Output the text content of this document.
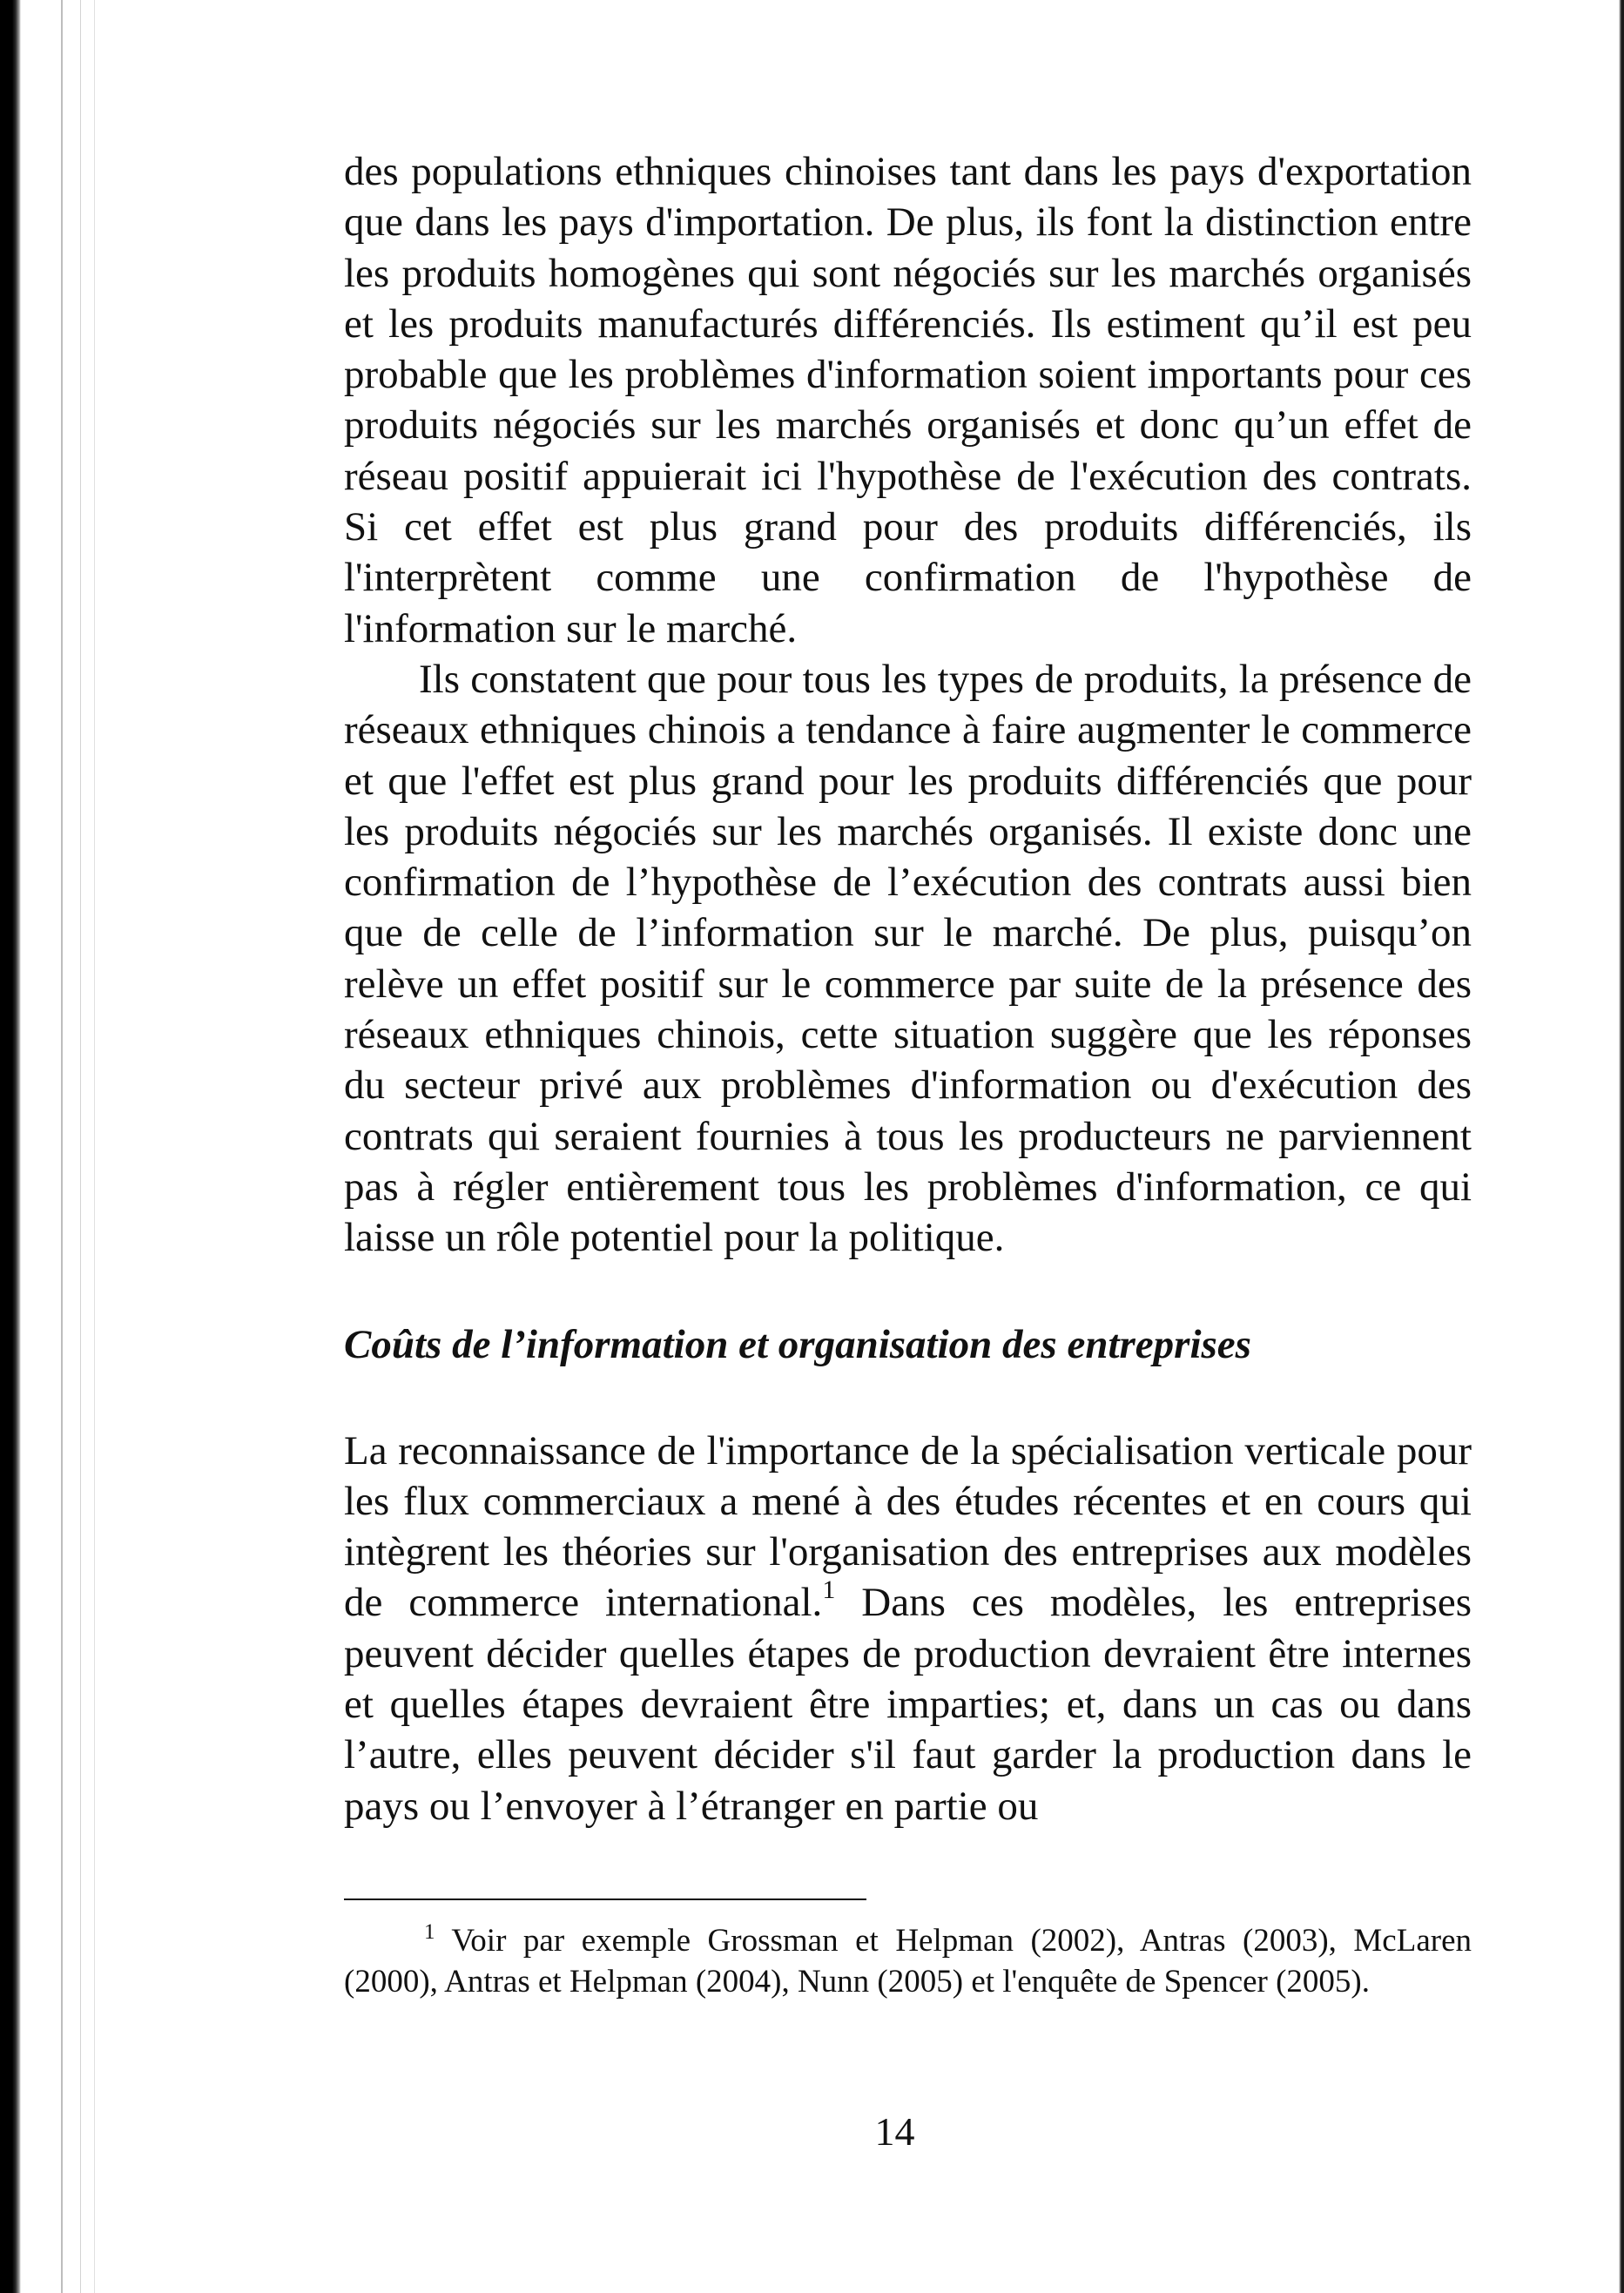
des populations ethniques chinoises tant dans les pays d'exportation que dans les pays d'importation. De plus, ils font la distinction entre les produits homogènes qui sont négociés sur les marchés organisés et les produits manufacturés différenciés. Ils estiment qu’il est peu probable que les problèmes d'information soient importants pour ces produits négociés sur les marchés organisés et donc qu’un effet de réseau positif appuierait ici l'hypothèse de l'exécution des contrats. Si cet effet est plus grand pour des produits différenciés, ils l'interprètent comme une confirmation de l'hypothèse de l'information sur le marché.

Ils constatent que pour tous les types de produits, la présence de réseaux ethniques chinois a tendance à faire augmenter le commerce et que l'effet est plus grand pour les produits différenciés que pour les produits négociés sur les marchés organisés. Il existe donc une confirmation de l’hypothèse de l’exécution des contrats aussi bien que de celle de l’information sur le marché. De plus, puisqu’on relève un effet positif sur le commerce par suite de la présence des réseaux ethniques chinois, cette situation suggère que les réponses du secteur privé aux problèmes d'information ou d'exécution des contrats qui seraient fournies à tous les producteurs ne parviennent pas à régler entièrement tous les problèmes d'information, ce qui laisse un rôle potentiel pour la politique.

Coûts de l’information et organisation des entreprises

La reconnaissance de l'importance de la spécialisation verticale pour les flux commerciaux a mené à des études récentes et en cours qui intègrent les théories sur l'organisation des entreprises aux modèles de commerce international.$^1$ Dans ces modèles, les entreprises peuvent décider quelles étapes de production devraient être internes et quelles étapes devraient être imparties; et, dans un cas ou dans l’autre, elles peuvent décider s'il faut garder la production dans le pays ou l’envoyer à l’étranger en partie ou

$^1$ Voir par exemple Grossman et Helpman (2002), Antras (2003), McLaren (2000), Antras et Helpman (2004), Nunn (2005) et l'enquête de Spencer (2005).

14
